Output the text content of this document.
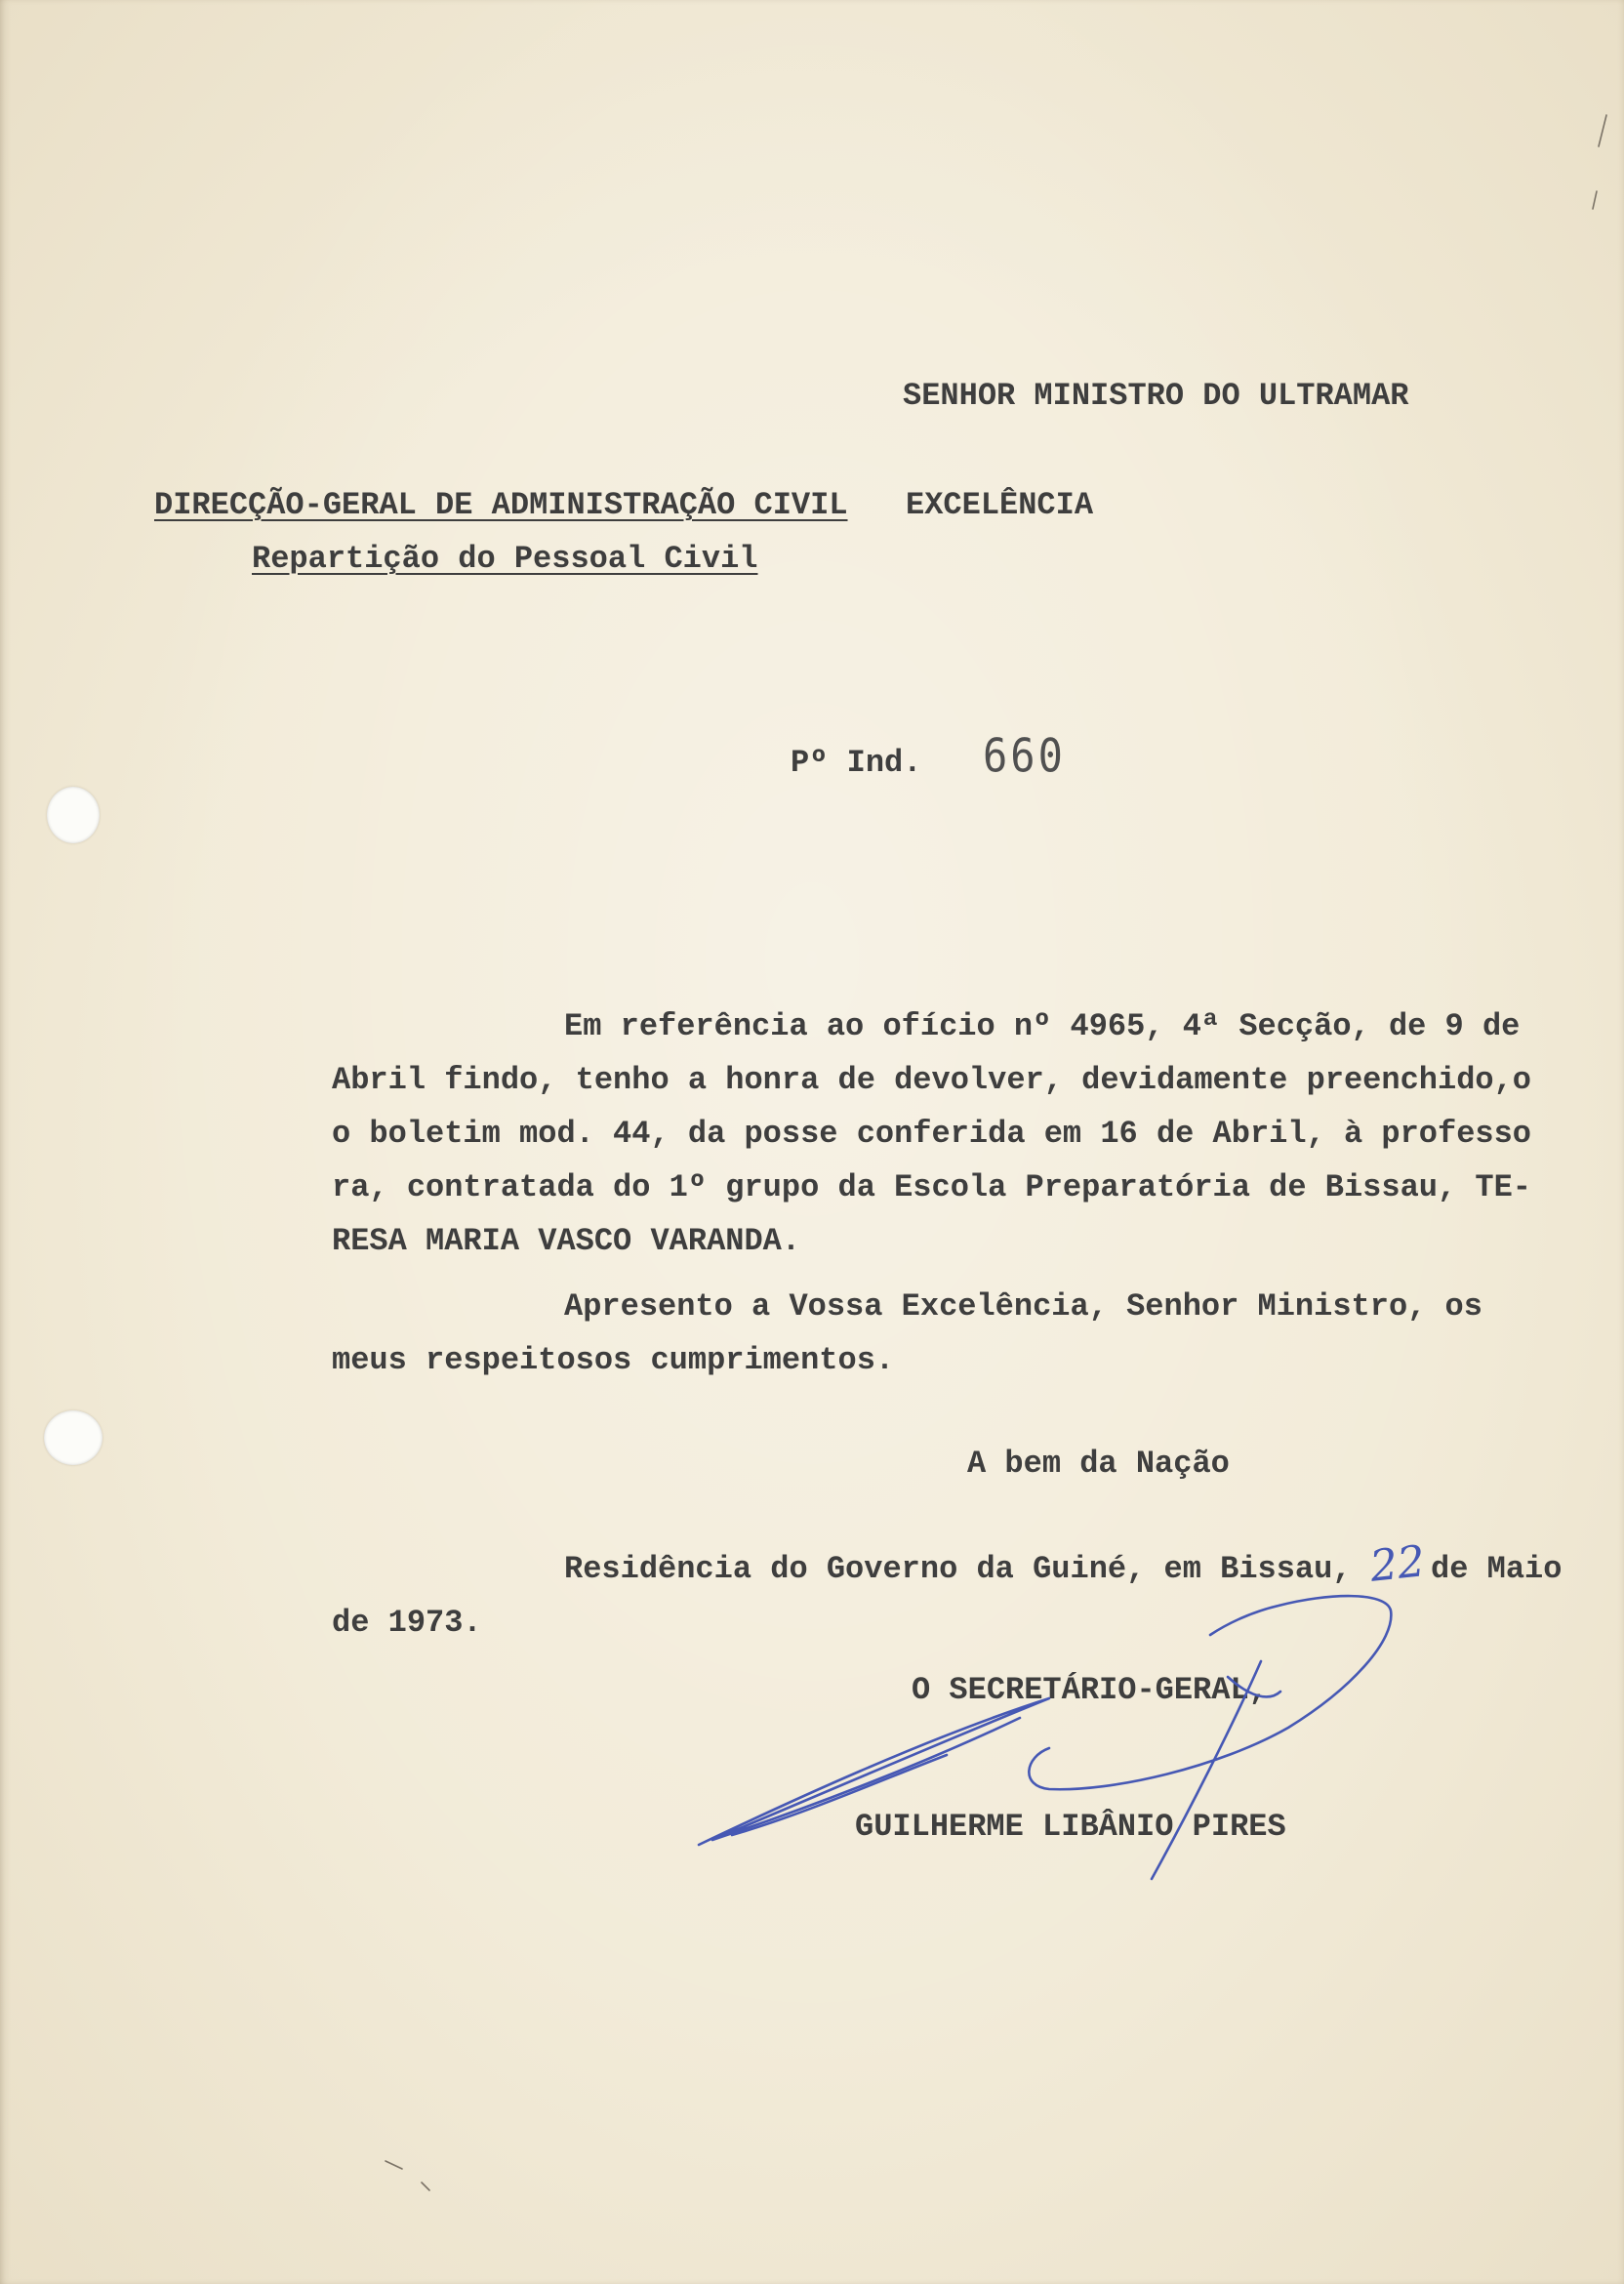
SENHOR MINISTRO DO ULTRAMAR
DIRECÇÃO-GERAL DE ADMINISTRAÇÃO CIVIL EXCELÊNCIA
Repartição do Pessoal Civil
Pº Ind. 660
Em referência ao ofício nº 4965, 4ª Secção, de 9 de
Abril findo, tenho a honra de devolver, devidamente preenchido,o
o boletim mod. 44, da posse conferida em 16 de Abril, à professo
ra, contratada do 1º grupo da Escola Preparatória de Bissau, TE-
RESA MARIA VASCO VARANDA.
Apresento a Vossa Excelência, Senhor Ministro, os
meus respeitosos cumprimentos.
A bem da Nação
Residência do Governo da Guiné, em Bissau, 22 de Maio
de 1973.
O SECRETÁRIO-GERAL,
GUILHERME LIBÂNIO PIRES
